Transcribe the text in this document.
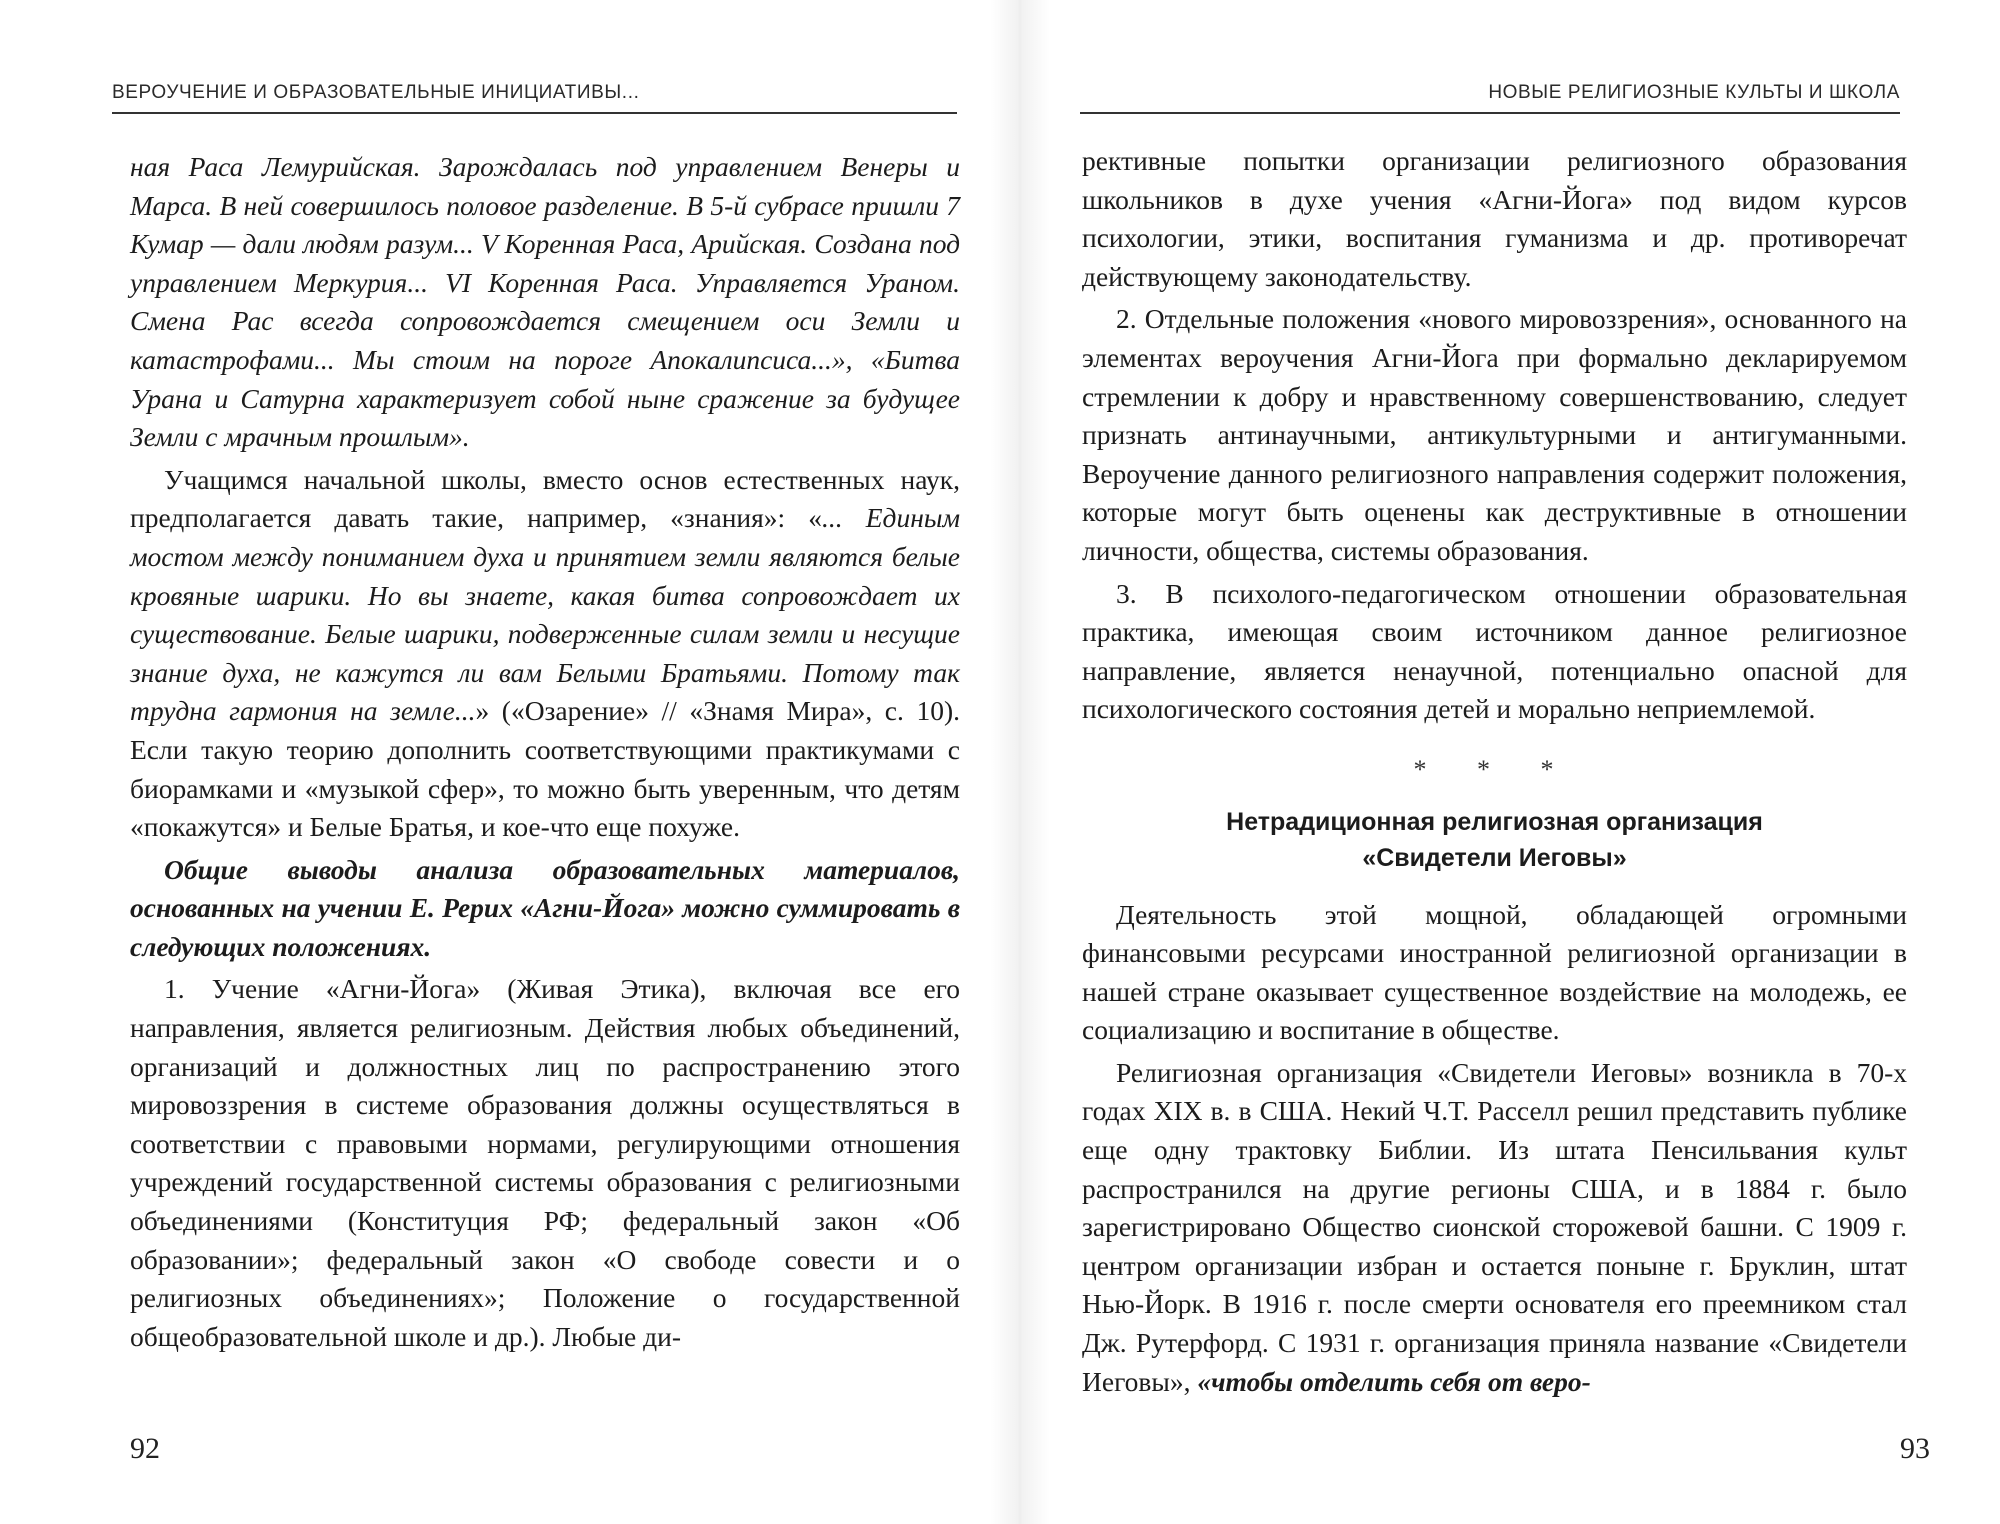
ВЕРОУЧЕНИЕ И ОБРАЗОВАТЕЛЬНЫЕ ИНИЦИАТИВЫ...

ная Раса Лемурийская. Зарождалась под управлением Венеры и Марса. В ней совершилось половое разделение. В 5-й субрасе пришли 7 Кумар — дали людям разум... V Коренная Раса, Арийская. Создана под управлением Меркурия... VI Коренная Раса. Управляется Ураном. Смена Рас всегда сопровождается смещением оси Земли и катастрофами... Мы стоим на пороге Апокалипсиса...», «Битва Урана и Сатурна характеризует собой ныне сражение за будущее Земли с мрачным прошлым».

Учащимся начальной школы, вместо основ естественных наук, предполагается давать такие, например, «знания»: «... Единым мостом между пониманием духа и принятием земли являются белые кровяные шарики. Но вы знаете, какая битва сопровождает их существование. Белые шарики, подверженные силам земли и несущие знание духа, не кажутся ли вам Белыми Братьями. Потому так трудна гармония на земле...» («Озарение» // «Знамя Мира», с. 10). Если такую теорию дополнить соответствующими практикумами с биорамками и «музыкой сфер», то можно быть уверенным, что детям «покажутся» и Белые Братья, и кое-что еще похуже.

Общие выводы анализа образовательных материалов, основанных на учении Е. Рерих «Агни-Йога» можно суммировать в следующих положениях.

1. Учение «Агни-Йога» (Живая Этика), включая все его направления, является религиозным. Действия любых объединений, организаций и должностных лиц по распространению этого мировоззрения в системе образования должны осуществляться в соответствии с правовыми нормами, регулирующими отношения учреждений государственной системы образования с религиозными объединениями (Конституция РФ; федеральный закон «Об образовании»; федеральный закон «О свободе совести и о религиозных объединениях»; Положение о государственной общеобразовательной школе и др.). Любые ди-

92
НОВЫЕ РЕЛИГИОЗНЫЕ КУЛЬТЫ И ШКОЛА

рективные попытки организации религиозного образования школьников в духе учения «Агни-Йога» под видом курсов психологии, этики, воспитания гуманизма и др. противоречат действующему законодательству.

2. Отдельные положения «нового мировоззрения», основанного на элементах вероучения Агни-Йога при формально декларируемом стремлении к добру и нравственному совершенствованию, следует признать антинаучными, антикультурными и антигуманными. Вероучение данного религиозного направления содержит положения, которые могут быть оценены как деструктивные в отношении личности, общества, системы образования.

3. В психолого-педагогическом отношении образовательная практика, имеющая своим источником данное религиозное направление, является ненаучной, потенциально опасной для психологического состояния детей и морально неприемлемой.

* * *

Нетрадиционная религиозная организация
«Свидетели Иеговы»

Деятельность этой мощной, обладающей огромными финансовыми ресурсами иностранной религиозной организации в нашей стране оказывает существенное воздействие на молодежь, ее социализацию и воспитание в обществе.

Религиозная организация «Свидетели Иеговы» возникла в 70-х годах XIX в. в США. Некий Ч.Т. Расселл решил представить публике еще одну трактовку Библии. Из штата Пенсильвания культ распространился на другие регионы США, и в 1884 г. было зарегистрировано Общество сионской сторожевой башни. С 1909 г. центром организации избран и остается поныне г. Бруклин, штат Нью-Йорк. В 1916 г. после смерти основателя его преемником стал Дж. Рутерфорд. С 1931 г. организация приняла название «Свидетели Иеговы», «чтобы отделить себя от веро-

93
